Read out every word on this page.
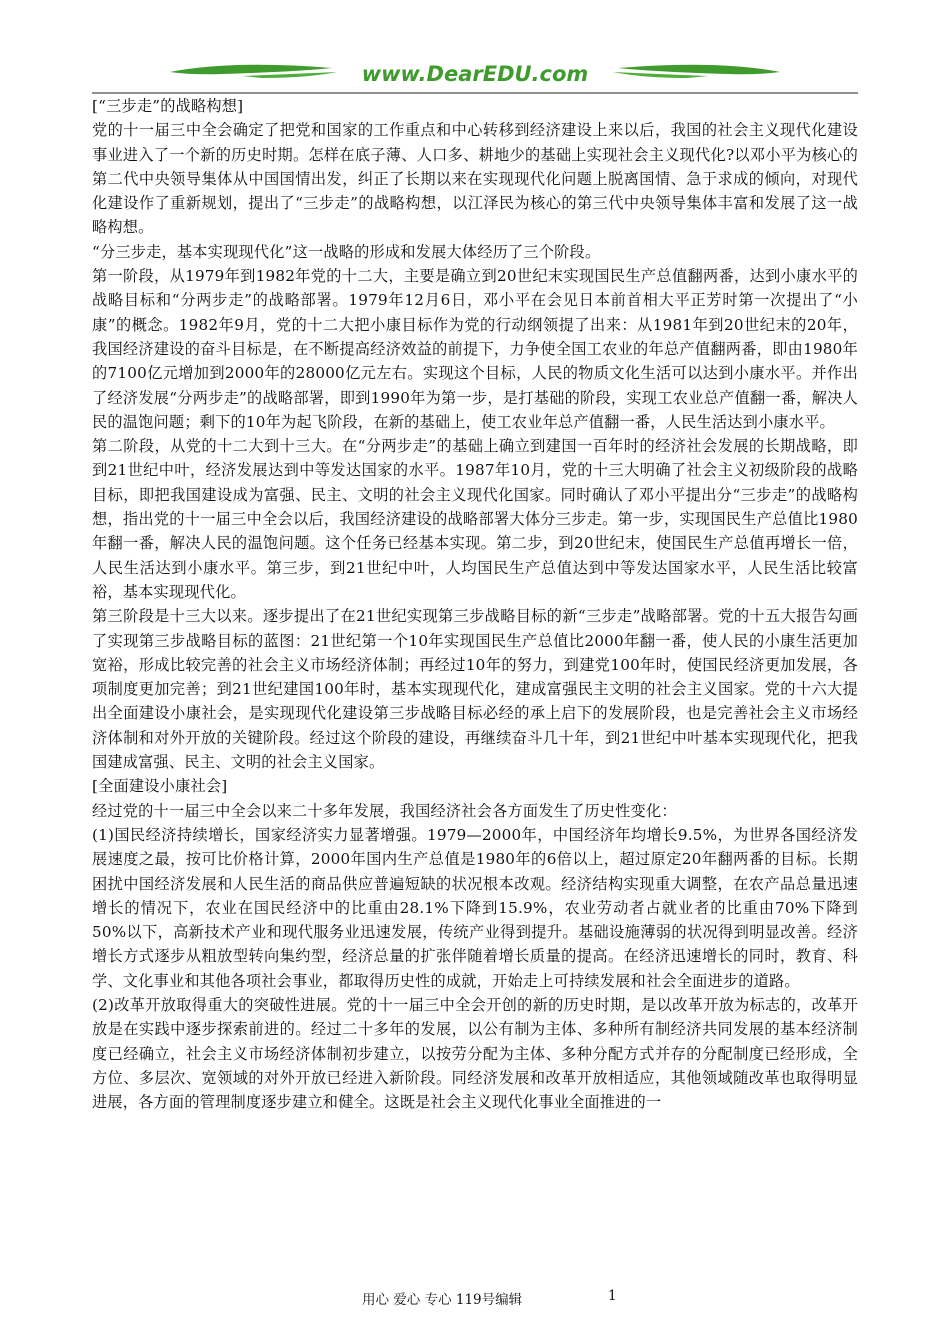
www.DearEDU.com

[“三步走”的战略构想]

党的十一届三中全会确定了把党和国家的工作重点和中心转移到经济建设上来以后，我国的社会主义现代化建设事业进入了一个新的历史时期。怎样在底子薄、人口多、耕地少的基础上实现社会主义现代化?以邓小平为核心的第二代中央领导集体从中国国情出发，纠正了长期以来在实现现代化问题上脱离国情、急于求成的倾向，对现代化建设作了重新规划，提出了“三步走”的战略构想，以江泽民为核心的第三代中央领导集体丰富和发展了这一战略构想。

“分三步走，基本实现现代化”这一战略的形成和发展大体经历了三个阶段。

第一阶段，从1979年到1982年党的十二大，主要是确立到20世纪末实现国民生产总值翻两番，达到小康水平的战略目标和“分两步走”的战略部署。1979年12月6日，邓小平在会见日本前首相大平正芳时第一次提出了“小康”的概念。1982年9月，党的十二大把小康目标作为党的行动纲领提了出来：从1981年到20世纪末的20年，我国经济建设的奋斗目标是，在不断提高经济效益的前提下，力争使全国工农业的年总产值翻两番，即由1980年的7100亿元增加到2000年的28000亿元左右。实现这个目标，人民的物质文化生活可以达到小康水平。并作出了经济发展“分两步走”的战略部署，即到1990年为第一步，是打基础的阶段，实现工农业总产值翻一番，解决人民的温饱问题；剩下的10年为起飞阶段，在新的基础上，使工农业年总产值翻一番，人民生活达到小康水平。

第二阶段，从党的十二大到十三大。在“分两步走”的基础上确立到建国一百年时的经济社会发展的长期战略，即到21世纪中叶，经济发展达到中等发达国家的水平。1987年10月，党的十三大明确了社会主义初级阶段的战略目标，即把我国建设成为富强、民主、文明的社会主义现代化国家。同时确认了邓小平提出分“三步走”的战略构想，指出党的十一届三中全会以后，我国经济建设的战略部署大体分三步走。第一步，实现国民生产总值比1980年翻一番，解决人民的温饱问题。这个任务已经基本实现。第二步，到20世纪末，使国民生产总值再增长一倍，人民生活达到小康水平。第三步，到21世纪中叶，人均国民生产总值达到中等发达国家水平，人民生活比较富裕，基本实现现代化。

第三阶段是十三大以来。逐步提出了在21世纪实现第三步战略目标的新“三步走”战略部署。党的十五大报告勾画了实现第三步战略目标的蓝图：21世纪第一个10年实现国民生产总值比2000年翻一番，使人民的小康生活更加宽裕，形成比较完善的社会主义市场经济体制；再经过10年的努力，到建党100年时，使国民经济更加发展，各项制度更加完善；到21世纪建国100年时，基本实现现代化，建成富强民主文明的社会主义国家。党的十六大提出全面建设小康社会，是实现现代化建设第三步战略目标必经的承上启下的发展阶段，也是完善社会主义市场经济体制和对外开放的关键阶段。经过这个阶段的建设，再继续奋斗几十年，到21世纪中叶基本实现现代化，把我国建成富强、民主、文明的社会主义国家。

[全面建设小康社会]

经过党的十一届三中全会以来二十多年发展，我国经济社会各方面发生了历史性变化：

(1)国民经济持续增长，国家经济实力显著增强。1979—2000年，中国经济年均增长9.5%，为世界各国经济发展速度之最，按可比价格计算，2000年国内生产总值是1980年的6倍以上，超过原定20年翻两番的目标。长期困扰中国经济发展和人民生活的商品供应普遍短缺的状况根本改观。经济结构实现重大调整，在农产品总量迅速增长的情况下，农业在国民经济中的比重由28.1%下降到15.9%，农业劳动者占就业者的比重由70%下降到50%以下，高新技术产业和现代服务业迅速发展，传统产业得到提升。基础设施薄弱的状况得到明显改善。经济增长方式逐步从粗放型转向集约型，经济总量的扩张伴随着增长质量的提高。在经济迅速增长的同时，教育、科学、文化事业和其他各项社会事业，都取得历史性的成就，开始走上可持续发展和社会全面进步的道路。

(2)改革开放取得重大的突破性进展。党的十一届三中全会开创的新的历史时期，是以改革开放为标志的，改革开放是在实践中逐步探索前进的。经过二十多年的发展，以公有制为主体、多种所有制经济共同发展的基本经济制度已经确立，社会主义市场经济体制初步建立，以按劳分配为主体、多种分配方式并存的分配制度已经形成，全方位、多层次、宽领域的对外开放已经进入新阶段。同经济发展和改革开放相适应，其他领域随改革也取得明显进展，各方面的管理制度逐步建立和健全。这既是社会主义现代化事业全面推进的一

用心 爱心 专心 119号编辑	1
